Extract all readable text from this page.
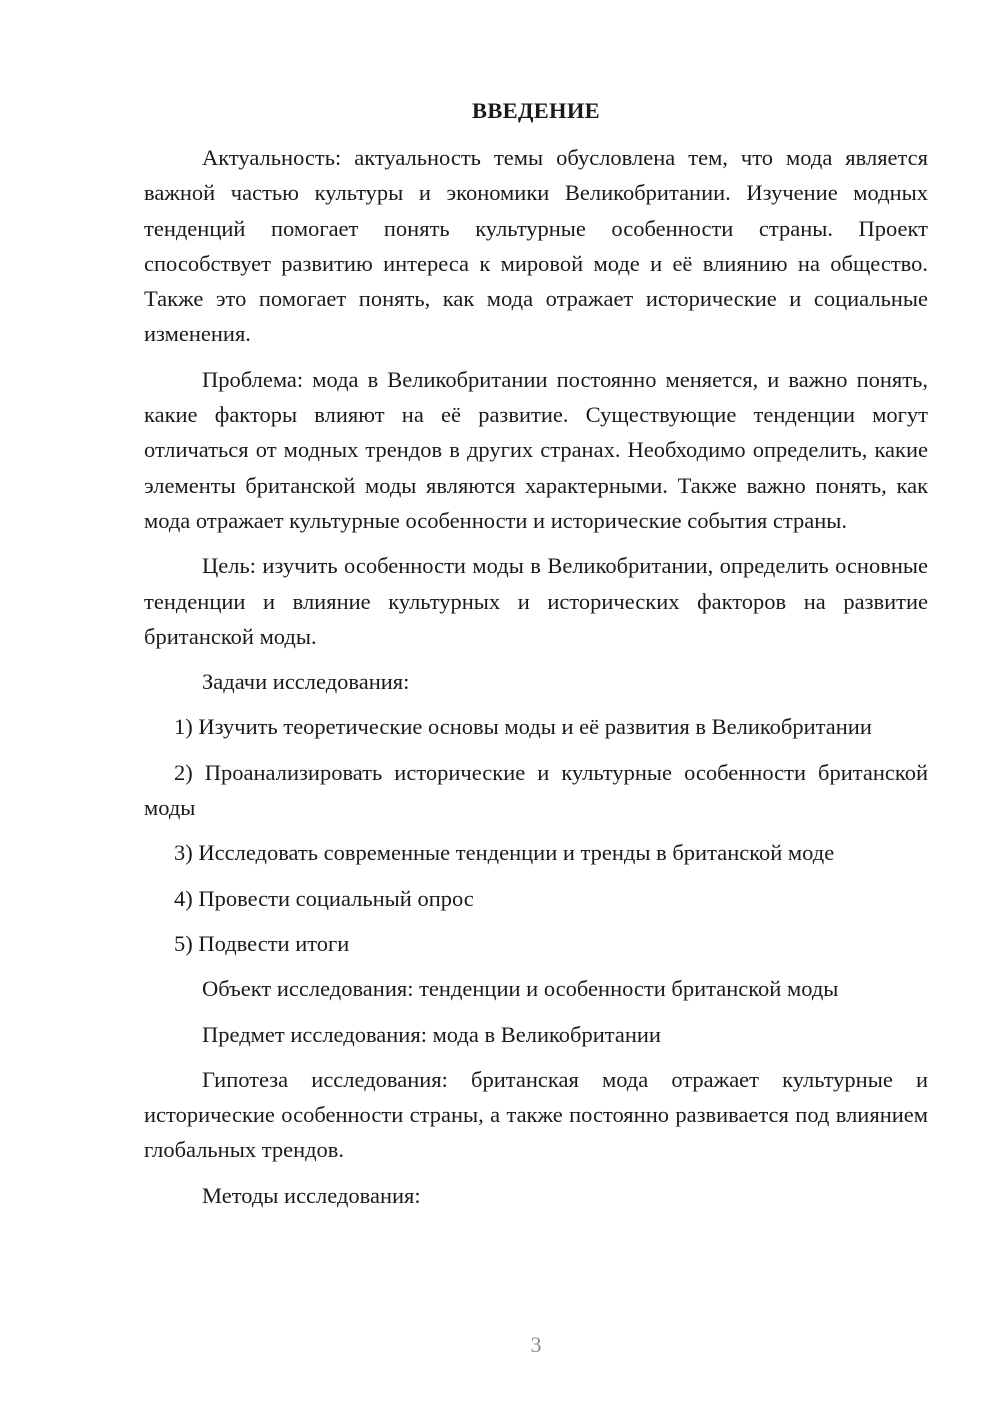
ВВЕДЕНИЕ

Актуальность: актуальность темы обусловлена тем, что мода является важной частью культуры и экономики Великобритании. Изучение модных тенденций помогает понять культурные особенности страны. Проект способствует развитию интереса к мировой моде и её влиянию на общество. Также это помогает понять, как мода отражает исторические и социальные изменения.

Проблема: мода в Великобритании постоянно меняется, и важно понять, какие факторы влияют на её развитие. Существующие тенденции могут отличаться от модных трендов в других странах. Необходимо определить, какие элементы британской моды являются характерными. Также важно понять, как мода отражает культурные особенности и исторические события страны.

Цель: изучить особенности моды в Великобритании, определить основные тенденции и влияние культурных и исторических факторов на развитие британской моды.

Задачи исследования:

1) Изучить теоретические основы моды и её развития в Великобритании

2) Проанализировать исторические и культурные особенности британской моды

3) Исследовать современные тенденции и тренды в британской моде

4) Провести социальный опрос

5) Подвести итоги

Объект исследования: тенденции и особенности британской моды

Предмет исследования: мода в Великобритании

Гипотеза исследования: британская мода отражает культурные и исторические особенности страны, а также постоянно развивается под влиянием глобальных трендов.

Методы исследования:

3
